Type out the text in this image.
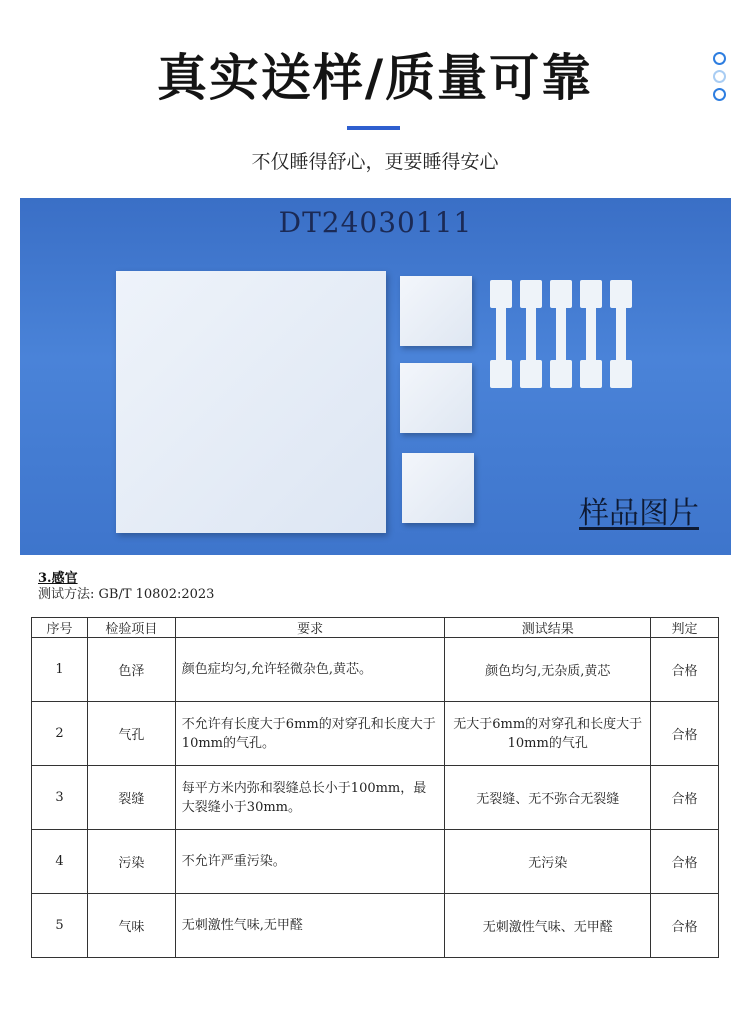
真实送样/质量可靠
不仅睡得舒心，更要睡得安心
DT24030111
样品图片
3.感官
测试方法: GB/T 10802:2023
序号	检验项目	要求	测试结果	判定
1	色泽	颜色症均匀,允许轻微杂色,黄芯。	颜色均匀,无杂质,黄芯	合格
2	气孔	不允许有长度大于6mm的对穿孔和长度大于10mm的气孔。	无大于6mm的对穿孔和长度大于10mm的气孔	合格
3	裂缝	每平方米内弥和裂缝总长小于100mm，最大裂缝小于30mm。	无裂缝、无不弥合无裂缝	合格
4	污染	不允许严重污染。	无污染	合格
5	气味	无刺激性气味,无甲醛	无刺激性气味、无甲醛	合格
